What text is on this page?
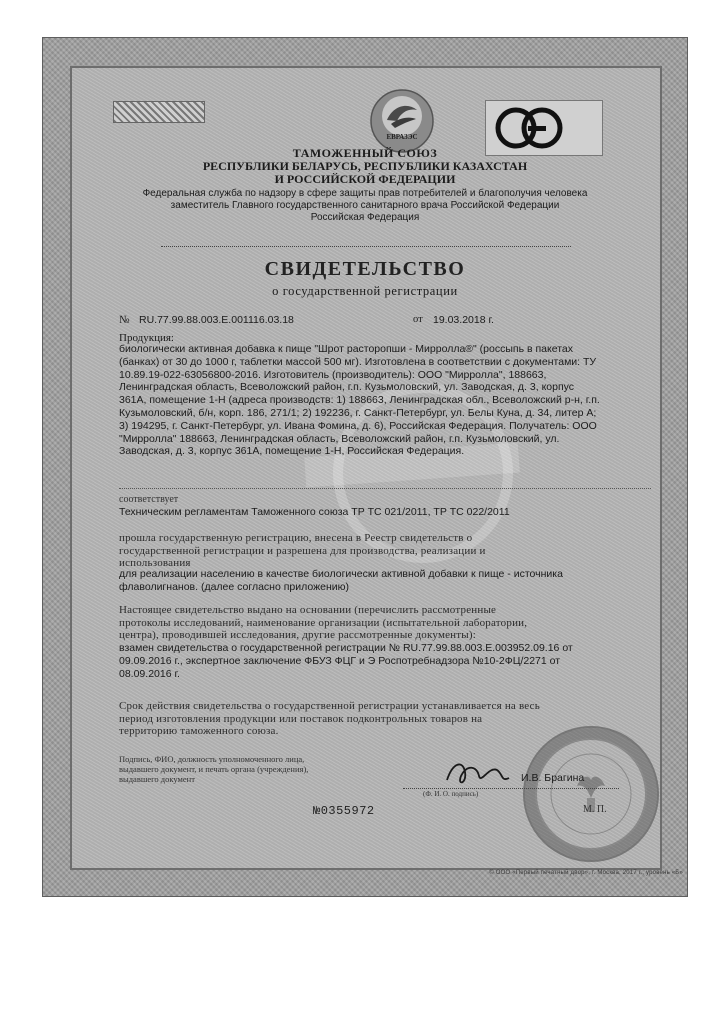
ЕВРАЗЭС
ТАМОЖЕННЫЙ СОЮЗ
РЕСПУБЛИКИ БЕЛАРУСЬ, РЕСПУБЛИКИ КАЗАХСТАН
И РОССИЙСКОЙ ФЕДЕРАЦИИ
Федеральная служба по надзору в сфере защиты прав потребителей и благополучия человека
заместитель Главного государственного санитарного врача Российской Федерации
Российская Федерация
СВИДЕТЕЛЬСТВО
о государственной регистрации
№ RU.77.99.88.003.E.001116.03.18	от 19.03.2018 г.
Продукция:
биологически активная добавка к пище "Шрот расторопши - Мирролла®" (россыпь в пакетах
(банках) от 30 до 1000 г, таблетки массой 500 мг). Изготовлена в соответствии с документами: ТУ
10.89.19-022-63056800-2016. Изготовитель (производитель): ООО "Мирролла", 188663,
Ленинградская область, Всеволожский район, г.п. Кузьмоловский, ул. Заводская, д. 3, корпус
361А, помещение 1-Н (адреса производств: 1) 188663, Ленинградская обл., Всеволожский р-н, г.п.
Кузьмоловский, б/н, корп. 186, 271/1; 2) 192236, г. Санкт-Петербург, ул. Белы Куна, д. 34, литер А;
3) 194295, г. Санкт-Петербург, ул. Ивана Фомина, д. 6), Российская Федерация. Получатель: ООО
"Мирролла" 188663, Ленинградская область, Всеволожский район, г.п. Кузьмоловский, ул.
Заводская, д. 3, корпус 361А, помещение 1-Н, Российская Федерация.
соответствует
Техническим регламентам Таможенного союза ТР ТС 021/2011, ТР ТС 022/2011
прошла государственную регистрацию, внесена в Реестр свидетельств о
государственной регистрации и разрешена для производства, реализации и
использования
для реализации населению в качестве биологически активной добавки к пище - источника
флаволигнанов. (далее согласно приложению)
Настоящее свидетельство выдано на основании (перечислить рассмотренные
протоколы исследований, наименование организации (испытательной лаборатории,
центра), проводившей исследования, другие рассмотренные документы):
взамен свидетельства о государственной регистрации № RU.77.99.88.003.E.003952.09.16 от
09.09.2016 г., экспертное заключение ФБУЗ ФЦГ и Э Роспотребнадзора №10-2ФЦ/2271 от
08.09.2016 г.
Срок действия свидетельства о государственной регистрации устанавливается на весь
период изготовления продукции или поставок подконтрольных товаров на
территорию таможенного союза.
Подпись, ФИО, должность уполномоченного лица,
выдавшего документ, и печать органа (учреждения),
выдавшего документ	И.В. Брагина
(Ф. И. О. подпись)
№0355972	М. П.
© ООО «Первый печатный двор», г. Москва, 2017 г., уровень «Б»
